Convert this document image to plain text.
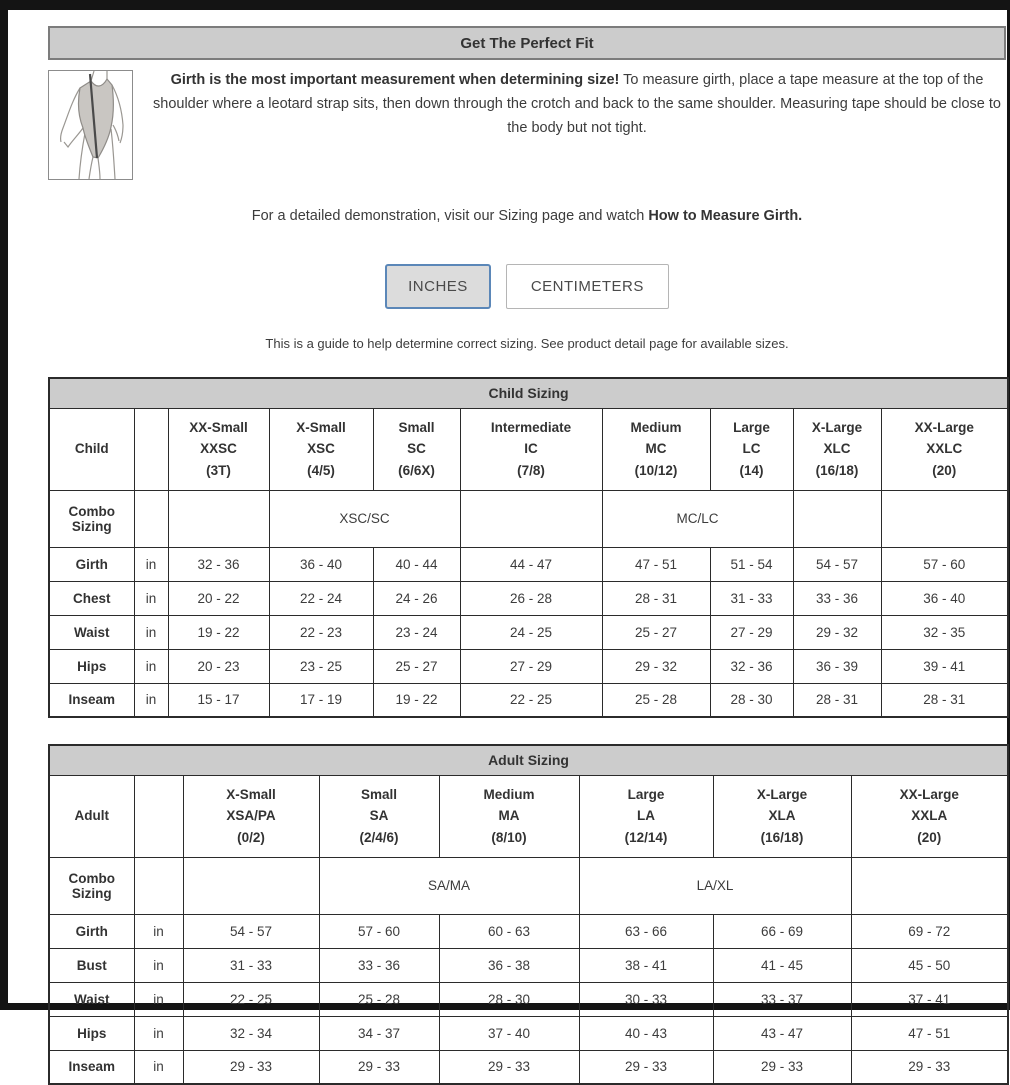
Get The Perfect Fit

Girth is the most important measurement when determining size! To measure girth, place a tape measure at the top of the shoulder where a leotard strap sits, then down through the crotch and back to the same shoulder. Measuring tape should be close to the body but not tight.

For a detailed demonstration, visit our Sizing page and watch How to Measure Girth.

INCHES	CENTIMETERS
This is a guide to help determine correct sizing. See product detail page for available sizes.
Child Sizing									
Child		
XX-Small
XXSC
(3T)

X-Small
XSC
(4/5)

Small
SC
(6/6X)

Intermediate
IC
(7/8)

Medium
MC
(10/12)

Large
LC
(14)

X-Large
XLC
(16/18)

XX-Large
XXLC
(20)

Combo Sizing			XSC/SC			MC/LC			
Girth	in	32 - 36	36 - 40	40 - 44	44 - 47	47 - 51	51 - 54	54 - 57	57 - 60
Chest	in	20 - 22	22 - 24	24 - 26	26 - 28	28 - 31	31 - 33	33 - 36	36 - 40
Waist	in	19 - 22	22 - 23	23 - 24	24 - 25	25 - 27	27 - 29	29 - 32	32 - 35
Hips	in	20 - 23	23 - 25	25 - 27	27 - 29	29 - 32	32 - 36	36 - 39	39 - 41
Inseam	in	15 - 17	17 - 19	19 - 22	22 - 25	25 - 28	28 - 30	28 - 31	28 - 31
Adult Sizing							
Adult		
X-Small
XSA/PA
(0/2)

Small
SA
(2/4/6)

Medium
MA
(8/10)

Large
LA
(12/14)

X-Large
XLA
(16/18)

XX-Large
XXLA
(20)

Combo Sizing			SA/MA		LA/XL		
Girth	in	54 - 57	57 - 60	60 - 63	63 - 66	66 - 69	69 - 72
Bust	in	31 - 33	33 - 36	36 - 38	38 - 41	41 - 45	45 - 50
Waist	in	22 - 25	25 - 28	28 - 30	30 - 33	33 - 37	37 - 41
Hips	in	32 - 34	34 - 37	37 - 40	40 - 43	43 - 47	47 - 51
Inseam	in	29 - 33	29 - 33	29 - 33	29 - 33	29 - 33	29 - 33
